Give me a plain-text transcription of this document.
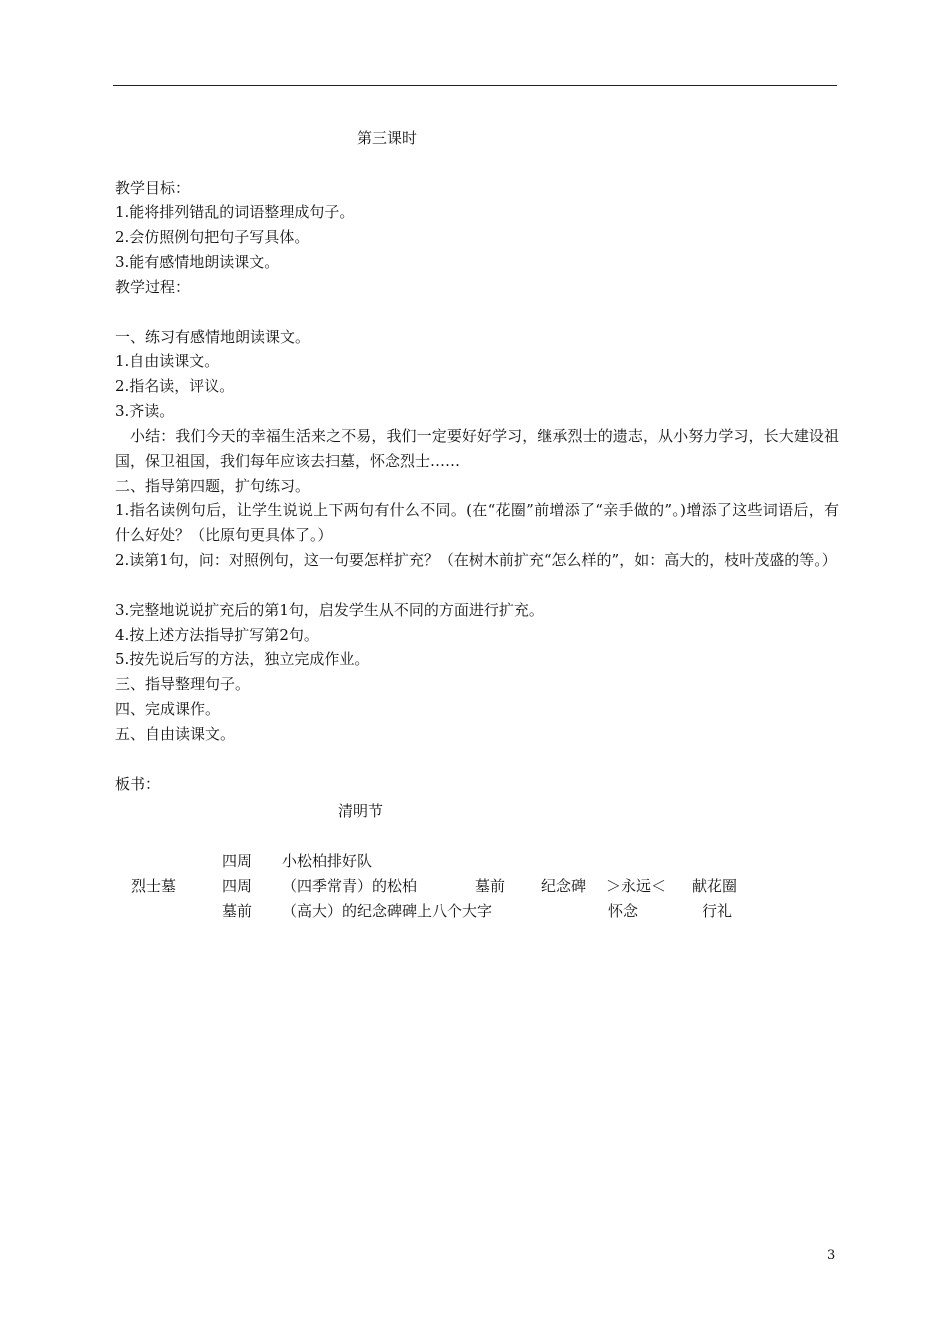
第三课时
教学目标：
1.能将排列错乱的词语整理成句子。
2.会仿照例句把句子写具体。
3.能有感情地朗读课文。
教学过程：
一、练习有感情地朗读课文。
1.自由读课文。
2.指名读，评议。
3.齐读。
小结：我们今天的幸福生活来之不易，我们一定要好好学习，继承烈士的遗志，从小努力学习，长大建设祖国，保卫祖国，我们每年应该去扫墓，怀念烈士……
二、指导第四题，扩句练习。
1.指名读例句后，让学生说说上下两句有什么不同。(在“花圈”前增添了“亲手做的”。)增添了这些词语后，有什么好处？（比原句更具体了。）
2.读第1句，问：对照例句，这一句要怎样扩充？（在树木前扩充“怎么样的”，如：高大的，枝叶茂盛的等。）
3.完整地说说扩充后的第1句，启发学生从不同的方面进行扩充。
4.按上述方法指导扩写第2句。
5.按先说后写的方法，独立完成作业。
三、指导整理句子。
四、完成课作。
五、自由读课文。
板书：
清明节
四周 小松柏排好队
烈士墓	四周 （四季常青）的松柏	墓前 纪念碑 ＞永远＜ 献花圈
墓前 （高大）的纪念碑碑上八个大字	怀念	行礼
3
